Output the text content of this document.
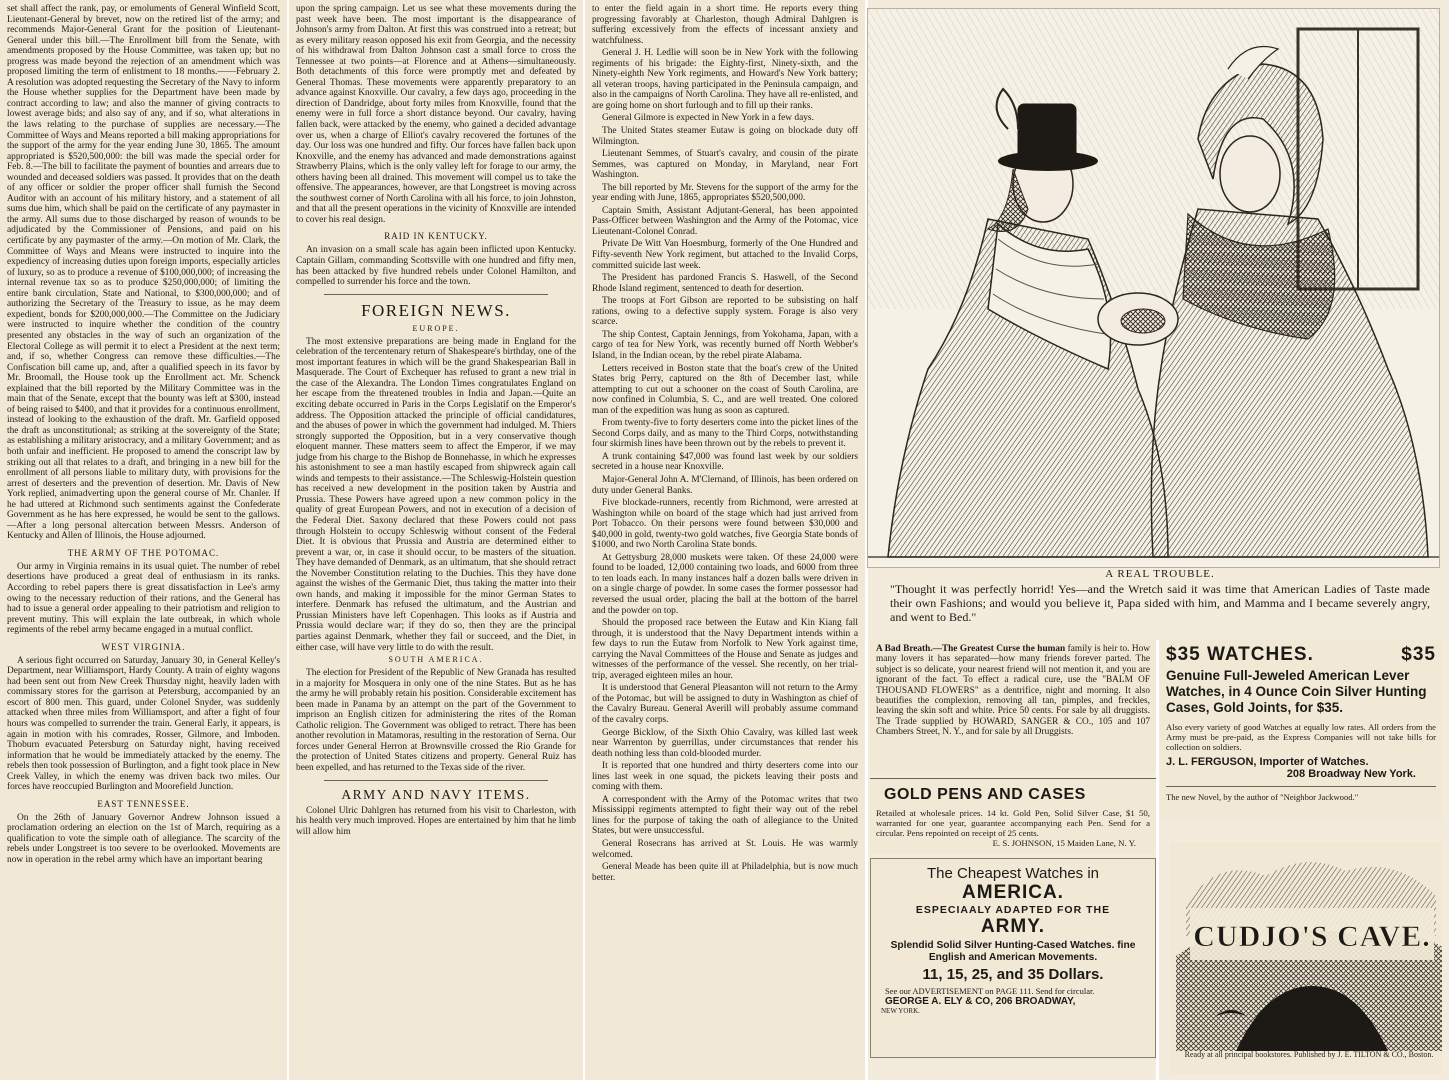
set shall affect the rank, pay, or emoluments of General Winfield Scott, Lieutenant-General by brevet, now on the retired list of the army; and recommends Major-General Grant for the position of Lieutenant-General under this bill.—The Enrollment bill from the Senate, with amendments proposed by the House Committee, was taken up; but no progress was made beyond the rejection of an amendment which was proposed limiting the term of enlistment to 18 months.——February 2. A resolution was adopted requesting the Secretary of the Navy to inform the House whether supplies for the Department have been made by contract according to law; and also the manner of giving contracts to lowest average bids; and also say of any, and if so, what alterations in the laws relating to the purchase of supplies are necessary.—The Committee of Ways and Means reported a bill making appropriations for the support of the army for the year ending June 30, 1865. The amount appropriated is $520,500,000: the bill was made the special order for Feb. 8.—The bill to facilitate the payment of bounties and arrears due to wounded and deceased soldiers was passed. It provides that on the death of any officer or soldier the proper officer shall furnish the Second Auditor with an account of his military history, and a statement of all sums due him, which shall be paid on the certificate of any paymaster in the army. All sums due to those discharged by reason of wounds to be adjudicated by the Commissioner of Pensions, and paid on his certificate by any paymaster of the army.—On motion of Mr. Clark, the Committee of Ways and Means were instructed to inquire into the expediency of increasing duties upon foreign imports, especially articles of luxury, so as to produce a revenue of $100,000,000; of increasing the internal revenue tax so as to produce $250,000,000; of limiting the entire bank circulation, State and National, to $300,000,000; and of authorizing the Secretary of the Treasury to issue, as he may deem expedient, bonds for $200,000,000.—The Committee on the Judiciary were instructed to inquire whether the condition of the country presented any obstacles in the way of such an organization of the Electoral College as will permit it to elect a President at the next term; and, if so, whether Congress can remove these difficulties.—The Confiscation bill came up, and, after a qualified speech in its favor by Mr. Broomall, the House took up the Enrollment act. Mr. Schenck explained that the bill reported by the Military Committee was in the main that of the Senate, except that the bounty was left at $300, instead of being raised to $400, and that it provides for a continuous enrollment, instead of looking to the exhaustion of the draft. Mr. Garfield opposed the draft as unconstitutional; as striking at the sovereignty of the State; as establishing a military aristocracy, and a military Government; and as both unfair and inefficient. He proposed to amend the conscript law by striking out all that relates to a draft, and bringing in a new bill for the enrollment of all persons liable to military duty, with provisions for the arrest of deserters and the prevention of desertion. Mr. Davis of New York replied, animadverting upon the general course of Mr. Chanler. If he had uttered at Richmond such sentiments against the Confederate Government as he has here expressed, he would be sent to the gallows.—After a long personal altercation between Messrs. Anderson of Kentucky and Allen of Illinois, the House adjourned.

THE ARMY OF THE POTOMAC.

Our army in Virginia remains in its usual quiet. The number of rebel desertions have produced a great deal of enthusiasm in its ranks. According to rebel papers there is great dissatisfaction in Lee's army owing to the necessary reduction of their rations, and the General has had to issue a general order appealing to their patriotism and religion to prevent mutiny. This will explain the late outbreak, in which whole regiments of the rebel army became engaged in a mutual conflict.

WEST VIRGINIA.

A serious fight occurred on Saturday, January 30, in General Kelley's Department, near Williamsport, Hardy County. A train of eighty wagons had been sent out from New Creek Thursday night, heavily laden with commissary stores for the garrison at Petersburg, accompanied by an escort of 800 men. This guard, under Colonel Snyder, was suddenly attacked when three miles from Williamsport, and after a fight of four hours was compelled to surrender the train. General Early, it appears, is again in motion with his comrades, Rosser, Gilmore, and Imboden. Thoburn evacuated Petersburg on Saturday night, having received information that he would be immediately attacked by the enemy. The rebels then took possession of Burlington, and a fight took place in New Creek Valley, in which the enemy was driven back two miles. Our forces have reoccupied Burlington and Moorefield Junction.

EAST TENNESSEE.

On the 26th of January Governor Andrew Johnson issued a proclamation ordering an election on the 1st of March, requiring as a qualification to vote the simple oath of allegiance. The scarcity of the rebels under Longstreet is too severe to be overlooked. Movements are now in operation in the rebel army which have an important bearing

upon the spring campaign. Let us see what these movements during the past week have been. The most important is the disappearance of Johnson's army from Dalton. At first this was construed into a retreat; but as every military reason opposed his exit from Georgia, and the necessity of his withdrawal from Dalton Johnson cast a small force to cross the Tennessee at two points—at Florence and at Athens—simultaneously. Both detachments of this force were promptly met and defeated by General Thomas. These movements were apparently preparatory to an advance against Knoxville. Our cavalry, a few days ago, proceeding in the direction of Dandridge, about forty miles from Knoxville, found that the enemy were in full force a short distance beyond. Our cavalry, having fallen back, were attacked by the enemy, who gained a decided advantage over us, when a charge of Elliot's cavalry recovered the fortunes of the day. Our loss was one hundred and fifty. Our forces have fallen back upon Knoxville, and the enemy has advanced and made demonstrations against Strawberry Plains, which is the only valley left for forage to our army, the others having been all drained. This movement will compel us to take the offensive. The appearances, however, are that Longstreet is moving across the southwest corner of North Carolina with all his force, to join Johnston, and that all the present operations in the vicinity of Knoxville are intended to cover his real design.

RAID IN KENTUCKY.

An invasion on a small scale has again been inflicted upon Kentucky. Captain Gillam, commanding Scottsville with one hundred and fifty men, has been attacked by five hundred rebels under Colonel Hamilton, and compelled to surrender his force and the town.

FOREIGN NEWS.
EUROPE.

The most extensive preparations are being made in England for the celebration of the tercentenary return of Shakespeare's birthday, one of the most important features in which will be the grand Shakespearian Ball in Masquerade. The Court of Exchequer has refused to grant a new trial in the case of the Alexandra. The London Times congratulates England on her escape from the threatened troubles in India and Japan.—Quite an exciting debate occurred in Paris in the Corps Legislatif on the Emperor's address. The Opposition attacked the principle of official candidatures, and the abuses of power in which the government had indulged. M. Thiers strongly supported the Opposition, but in a very conservative though eloquent manner. These matters seem to affect the Emperor, if we may judge from his charge to the Bishop de Bonnehasse, in which he expresses his astonishment to see a man hastily escaped from shipwreck again call winds and tempests to their assistance.—The Schleswig-Holstein question has received a new development in the position taken by Austria and Prussia. These Powers have agreed upon a new common policy in the quality of great European Powers, and not in execution of a decision of the Federal Diet. Saxony declared that these Powers could not pass through Holstein to occupy Schleswig without consent of the Federal Diet. It is obvious that Prussia and Austria are determined either to prevent a war, or, in case it should occur, to be masters of the situation. They have demanded of Denmark, as an ultimatum, that she should retract the November Constitution relating to the Duchies. This they have done against the wishes of the Germanic Diet, thus taking the matter into their own hands, and making it impossible for the minor German States to interfere. Denmark has refused the ultimatum, and the Austrian and Prussian Ministers have left Copenhagen. This looks as if Austria and Prussia would declare war; if they do so, then they are the principal parties against Denmark, whether they fail or succeed, and the Diet, in either case, will have very little to do with the result.

SOUTH AMERICA.

The election for President of the Republic of New Granada has resulted in a majority for Mosquera in only one of the nine States. But as he has the army he will probably retain his position. Considerable excitement has been made in Panama by an attempt on the part of the Government to imprison an English citizen for administering the rites of the Roman Catholic religion. The Government was obliged to retract. There has been another revolution in Matamoras, resulting in the restoration of Serna. Our forces under General Herron at Brownsville crossed the Rio Grande for the protection of United States citizens and property. General Ruiz has been expelled, and has returned to the Texas side of the river.

ARMY AND NAVY ITEMS.

Colonel Ulric Dahlgren has returned from his visit to Charleston, with his health very much improved. Hopes are entertained by him that he limb will allow him

to enter the field again in a short time. He reports every thing progressing favorably at Charleston, though Admiral Dahlgren is suffering excessively from the effects of incessant anxiety and watchfulness.

General J. H. Ledlie will soon be in New York with the following regiments of his brigade: the Eighty-first, Ninety-sixth, and the Ninety-eighth New York regiments, and Howard's New York battery; all veteran troops, having participated in the Peninsula campaign, and also in the campaigns of North Carolina. They have all re-enlisted, and are going home on short furlough and to fill up their ranks.

General Gilmore is expected in New York in a few days.

The United States steamer Eutaw is going on blockade duty off Wilmington.

Lieutenant Semmes, of Stuart's cavalry, and cousin of the pirate Semmes, was captured on Monday, in Maryland, near Fort Washington.

The bill reported by Mr. Stevens for the support of the army for the year ending with June, 1865, appropriates $520,500,000.

Captain Smith, Assistant Adjutant-General, has been appointed Pass-Officer between Washington and the Army of the Potomac, vice Lieutenant-Colonel Conrad.

Private De Witt Van Hoesmburg, formerly of the One Hundred and Fifty-seventh New York regiment, but attached to the Invalid Corps, committed suicide last week.

The President has pardoned Francis S. Haswell, of the Second Rhode Island regiment, sentenced to death for desertion.

The troops at Fort Gibson are reported to be subsisting on half rations, owing to a defective supply system. Forage is also very scarce.

The ship Contest, Captain Jennings, from Yokohama, Japan, with a cargo of tea for New York, was recently burned off North Webber's Island, in the Indian ocean, by the rebel pirate Alabama.

Letters received in Boston state that the boat's crew of the United States brig Perry, captured on the 8th of December last, while attempting to cut out a schooner on the coast of South Carolina, are now confined in Columbia, S. C., and are well treated. One colored man of the expedition was hung as soon as captured.

From twenty-five to forty deserters come into the picket lines of the Second Corps daily, and as many to the Third Corps, notwithstanding four skirmish lines have been thrown out by the rebels to prevent it.

A trunk containing $47,000 was found last week by our soldiers secreted in a house near Knoxville.

Major-General John A. M'Clernand, of Illinois, has been ordered on duty under General Banks.

Five blockade-runners, recently from Richmond, were arrested at Washington while on board of the stage which had just arrived from Port Tobacco. On their persons were found between $30,000 and $40,000 in gold, twenty-two gold watches, five Georgia State bonds of $1000, and two North Carolina State bonds.

At Gettysburg 28,000 muskets were taken. Of these 24,000 were found to be loaded, 12,000 containing two loads, and 6000 from three to ten loads each. In many instances half a dozen balls were driven in on a single charge of powder. In some cases the former possessor had reversed the usual order, placing the ball at the bottom of the barrel and the powder on top.

Should the proposed race between the Eutaw and Kin Kiang fall through, it is understood that the Navy Department intends within a few days to run the Eutaw from Norfolk to New York against time, carrying the Naval Committees of the House and Senate as judges and witnesses of the performance of the vessel. She recently, on her trial-trip, averaged eighteen miles an hour.

It is understood that General Pleasanton will not return to the Army of the Potomac, but will be assigned to duty in Washington as chief of the Cavalry Bureau. General Averill will probably assume command of the cavalry corps.

George Bicklow, of the Sixth Ohio Cavalry, was killed last week near Warrenton by guerrillas, under circumstances that render his death nothing less than cold-blooded murder.

It is reported that one hundred and thirty deserters come into our lines last week in one squad, the pickets leaving their posts and coming with them.

A correspondent with the Army of the Potomac writes that two Mississippi regiments attempted to fight their way out of the rebel lines for the purpose of taking the oath of allegiance to the United States, but were unsuccessful.

General Rosecrans has arrived at St. Louis. He was warmly welcomed.

General Meade has been quite ill at Philadelphia, but is now much better.

A REAL TROUBLE.
"Thought it was perfectly horrid! Yes—and the Wretch said it was time that American Ladies of Taste made their own Fashions; and would you believe it, Papa sided with him, and Mamma and I became severely angry, and went to Bed."

A Bad Breath.—The Greatest Curse the human family is heir to. How many lovers it has separated—how many friends forever parted. The subject is so delicate, your nearest friend will not mention it, and you are ignorant of the fact. To effect a radical cure, use the "BALM OF THOUSAND FLOWERS" as a dentrifice, night and morning. It also beautifies the complexion, removing all tan, pimples, and freckles, leaving the skin soft and white. Price 50 cents. For sale by all druggists. The Trade supplied by HOWARD, SANGER & CO., 105 and 107 Chambers Street, N. Y., and for sale by all Druggists.

$35 WATCHES.	$35
Genuine Full-Jeweled American Lever Watches, in 4 Ounce Coin Silver Hunting Cases, Gold Joints, for $35.
Also every variety of good Watches at equally low rates. All orders from the Army must be pre-paid, as the Express Companies will not take bills for collection on soldiers.
J. L. FERGUSON, Importer of Watches.
208 Broadway New York.
The new Novel, by the author of "Neighbor Jackwood."
GOLD PENS AND CASES

Retailed at wholesale prices. 14 kt. Gold Pen, Solid Silver Case, $1 50, warranted for one year, guarantee accompanying each Pen. Send for a circular. Pens repointed on receipt of 25 cents.

E. S. JOHNSON, 15 Maiden Lane, N. Y.
The Cheapest Watches in
AMERICA.
ESPECIAALY ADAPTED FOR THE
ARMY.
Splendid Solid Silver Hunting-Cased Watches. fine English and American Movements.
11, 15, 25, and 35 Dollars.
See our ADVERTISEMENT on PAGE 111. Send for circular.
GEORGE A. ELY & CO, 206 BROADWAY,
NEW YORK.
CUDJO'S CAVE.
Ready at all principal bookstores. Published by J. E. TILTON & CO., Boston.
